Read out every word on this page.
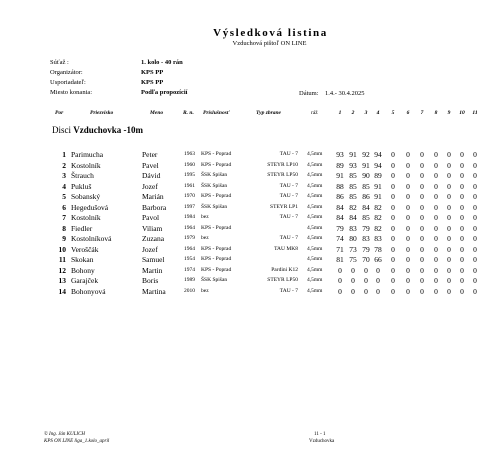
Výsledková listina
Vzduchová pištoľ ON LINE
Súťaž :	1. kolo - 40 rán
Organizátor:	KPS PP
Usporiadateľ:	KPS PP
Miesto konania:	Podľa propozícií	Dátum: 1.4.- 30.4.2025
Por	Priezvisko	Meno	R. n. Príslušnosť	Typ zbrane	ráž	1	2	3	4	5	6	7	8	9	10	11
Disci Vzduchovka -10m
1 Parimucha	Peter	1963 KPS - Poprad	TAU - 7 4,5mm	93 91 92 94	0	0	0	0	0	0	0
2 Kostolník	Pavel	1960 KPS - Poprad	STEYR LP10 4,5mm	89 93 91 94	0	0	0	0	0	0	0
3 Štrauch	Dávid	1995 ŠSK Spišan	STEYR LP50 4,5mm	91 85 90 89	0	0	0	0	0	0	0
4 Pukluš	Jozef	1961 ŠSK Spišan	TAU - 7 4,5mm	88 85 85 91	0	0	0	0	0	0	0
5 Sobanský	Marián	1970 KPS - Poprad	TAU - 7 4,5mm	86 85 86 91	0	0	0	0	0	0	0
6 Hegedušová	Barbora	1997 ŠSK Spišan	STEYR LP1 4,5mm	84 82 84 82	0	0	0	0	0	0	0
7 Kostolník	Pavol	1984 bez	TAU - 7 4,5mm	84 84 85 82	0	0	0	0	0	0	0
8 Fiedler	Viliam	1964 KPS - Poprad	4,5mm	79 83 79 82	0	0	0	0	0	0	0
9 Kostolníková	Zuzana	1979 bez	TAU - 7 4,5mm	74 80 83 83	0	0	0	0	0	0	0
10 Veroščák	Jozef	1964 KPS - Poprad	TAU MK8 4,5mm	71 73 79 78	0	0	0	0	0	0	0
11 Skokan	Samuel	1954 KPS - Poprad	4,5mm	81 75 70 66	0	0	0	0	0	0	0
12 Bohony	Martin	1974 KPS - Poprad	Pardini K12 4,5mm	0	0	0	0	0	0	0	0	0	0	0
13 Garajček	Boris	1989 ŠSK Spišan	STEYR LP50 4,5mm	0	0	0	0	0	0	0	0	0	0	0
14 Bohonyová	Martina	2010 bez	TAU - 7 4,5mm	0	0	0	0	0	0	0	0	0	0	0
© Ing. Ján KULICH
KPS ON LINE liga_1.kolo_april
11 - 1
Vzduchovka
